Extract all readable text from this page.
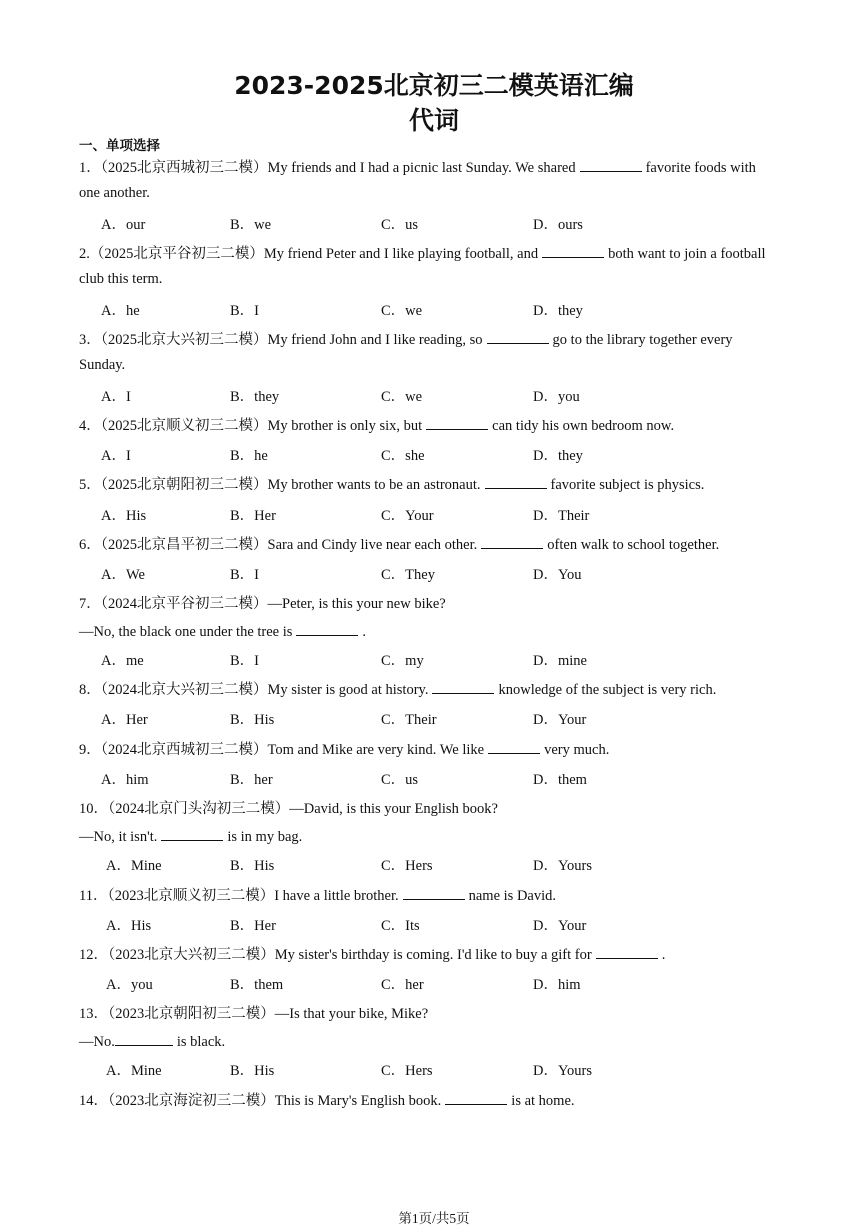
2023-2025北京初三二模英语汇编
代词
一、单项选择
1．（2025北京西城初三二模）My friends and I had a picnic last Sunday. We shared	favorite foods with
one another.
A．our	B．we	C．us	D．ours
2.（2025北京平谷初三二模）My friend Peter and I like playing football, and	both want to join a football
club this term.
A．he	B．I	C．we	D．they
3．（2025北京大兴初三二模）My friend John and I like reading, so	go to the library together every
Sunday.
A．I	B．they	C．we	D．you
4．（2025北京顺义初三二模）My brother is only six, but	can tidy his own bedroom now.
A．I	B．he	C．she	D．they
5．（2025北京朝阳初三二模）My brother wants to be an astronaut.	favorite subject is physics.
A．His	B．Her	C．Your	D．Their
6．（2025北京昌平初三二模）Sara and Cindy live near each other.	often walk to school together.
A．We	B．I	C．They	D．You
7．（2024北京平谷初三二模）—Peter, is this your new bike?
—No, the black one under the tree is	.
A．me	B．I	C．my	D．mine
8．（2024北京大兴初三二模）My sister is good at history.	knowledge of the subject is very rich.
A．Her	B．His	C．Their	D．Your
9．（2024北京西城初三二模）Tom and Mike are very kind. We like	very much.
A．him	B．her	C．us	D．them
10．（2024北京门头沟初三二模）—David, is this your English book?
—No, it isn't.	is in my bag.
A．Mine	B．His	C．Hers	D．Yours
11．（2023北京顺义初三二模）I have a little brother.	name is David.
A．His	B．Her	C．Its	D．Your
12．（2023北京大兴初三二模）My sister's birthday is coming. I'd like to buy a gift for	.
A．you	B．them	C．her	D．him
13．（2023北京朝阳初三二模）—Is that your bike, Mike?
—No.	is black.
A．Mine	B．His	C．Hers	D．Yours
14．（2023北京海淀初三二模）This is Mary's English book.	is at home.
第1页/共5页
